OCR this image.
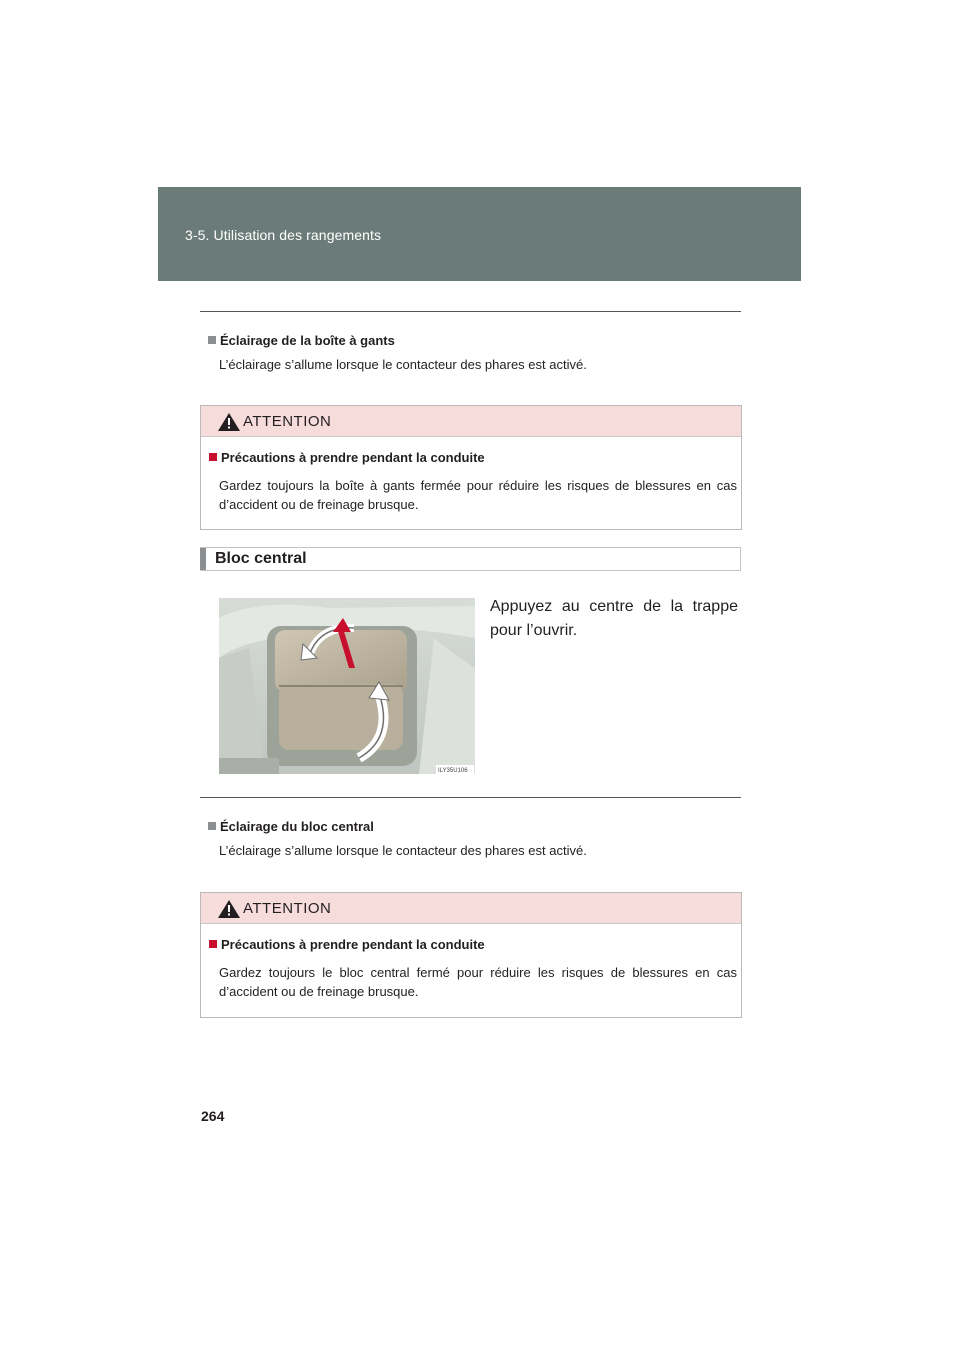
3-5. Utilisation des rangements
Éclairage de la boîte à gants
L’éclairage s’allume lorsque le contacteur des phares est activé.
ATTENTION
Précautions à prendre pendant la conduite
Gardez toujours la boîte à gants fermée pour réduire les risques de blessures en cas d’accident ou de freinage brusque.
Bloc central
ILY35U106
Appuyez au centre de la trappe pour l’ouvrir.
Éclairage du bloc central
L’éclairage s’allume lorsque le contacteur des phares est activé.
ATTENTION
Précautions à prendre pendant la conduite
Gardez toujours le bloc central fermé pour réduire les risques de blessures en cas d’accident ou de freinage brusque.
264
